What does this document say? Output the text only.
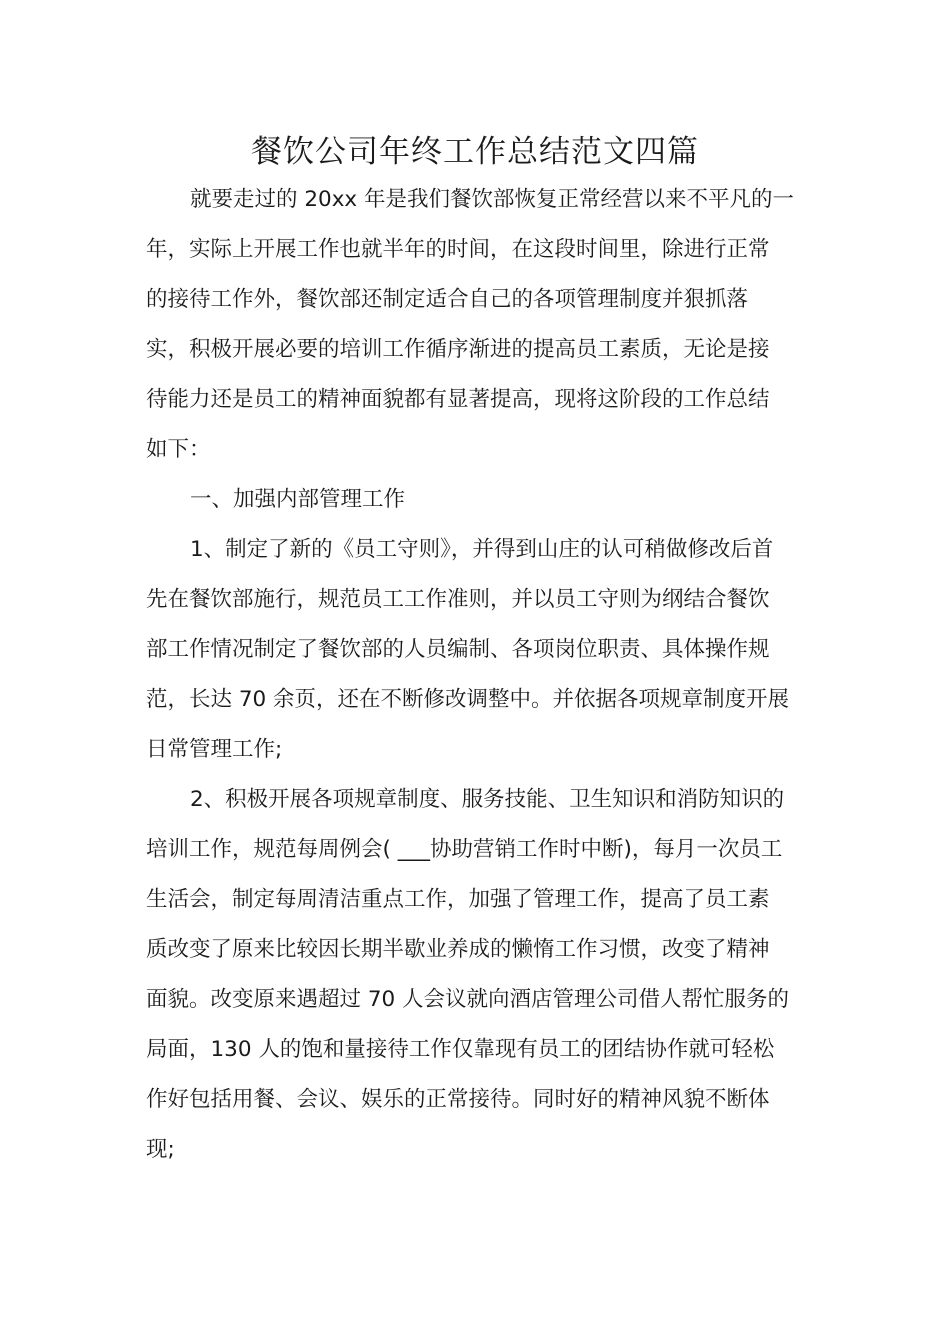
餐饮公司年终工作总结范文四篇

就要走过的 20xx 年是我们餐饮部恢复正常经营以来不平凡的一

年，实际上开展工作也就半年的时间，在这段时间里，除进行正常

的接待工作外，餐饮部还制定适合自己的各项管理制度并狠抓落

实，积极开展必要的培训工作循序渐进的提高员工素质，无论是接

待能力还是员工的精神面貌都有显著提高，现将这阶段的工作总结

如下：

一、加强内部管理工作

1、制定了新的《员工守则》，并得到山庄的认可稍做修改后首

先在餐饮部施行，规范员工工作准则，并以员工守则为纲结合餐饮

部工作情况制定了餐饮部的人员编制、各项岗位职责、具体操作规

范，长达 70 余页，还在不断修改调整中。并依据各项规章制度开展

日常管理工作;

2、积极开展各项规章制度、服务技能、卫生知识和消防知识的

培训工作，规范每周例会( ___协助营销工作时中断)，每月一次员工

生活会，制定每周清洁重点工作，加强了管理工作，提高了员工素

质改变了原来比较因长期半歇业养成的懒惰工作习惯，改变了精神

面貌。改变原来遇超过 70 人会议就向酒店管理公司借人帮忙服务的

局面，130 人的饱和量接待工作仅靠现有员工的团结协作就可轻松

作好包括用餐、会议、娱乐的正常接待。同时好的精神风貌不断体

现;
